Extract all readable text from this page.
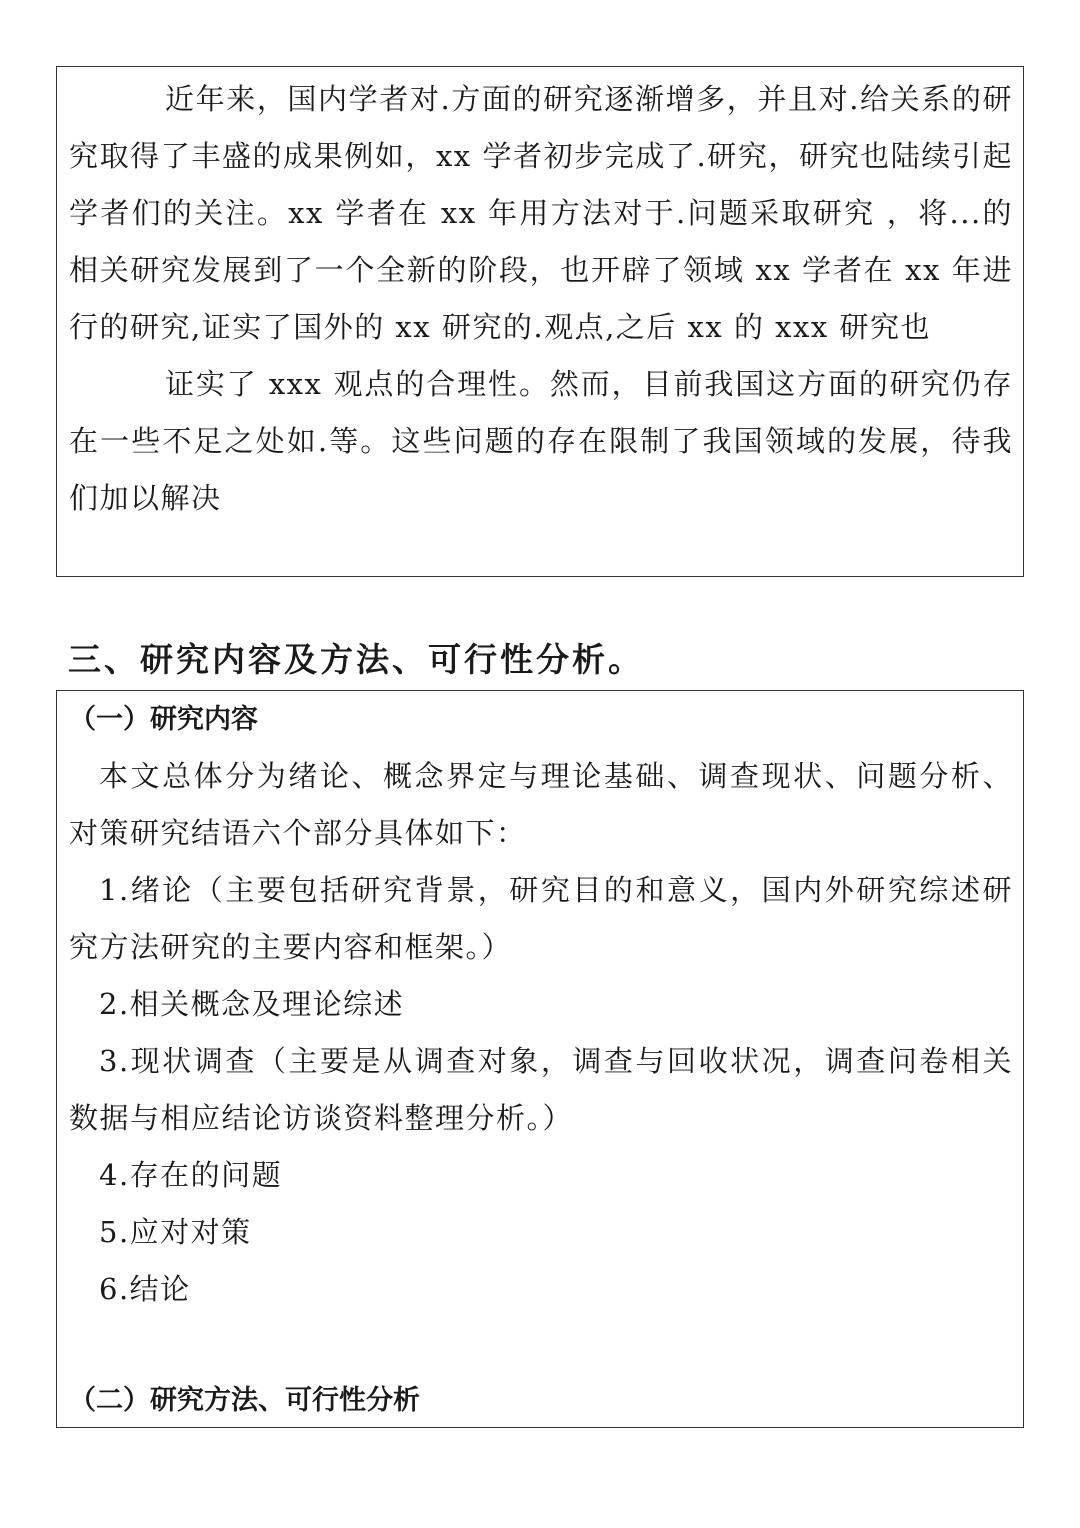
近年来，国内学者对.方面的研究逐渐增多，并且对.给关系的研究取得了丰盛的成果例如，xx 学者初步完成了.研究，研究也陆续引起学者们的关注。xx 学者在 xx 年用方法对于.问题采取研究 ，将...的相关研究发展到了一个全新的阶段，也开辟了领域 xx 学者在 xx 年进行的研究,证实了国外的 xx 研究的.观点,之后 xx 的 xxx 研究也

证实了 xxx 观点的合理性。然而，目前我国这方面的研究仍存在一些不足之处如.等。这些问题的存在限制了我国领域的发展，待我们加以解决

三、研究内容及方法、可行性分析。

（一）研究内容

本文总体分为绪论、概念界定与理论基础、调查现状、问题分析、对策研究结语六个部分具体如下：

1.绪论（主要包括研究背景，研究目的和意义，国内外研究综述研究方法研究的主要内容和框架。）

2.相关概念及理论综述

3.现状调查（主要是从调查对象，调查与回收状况，调查问卷相关数据与相应结论访谈资料整理分析。）

4.存在的问题

5.应对对策

6.结论

（二）研究方法、可行性分析
